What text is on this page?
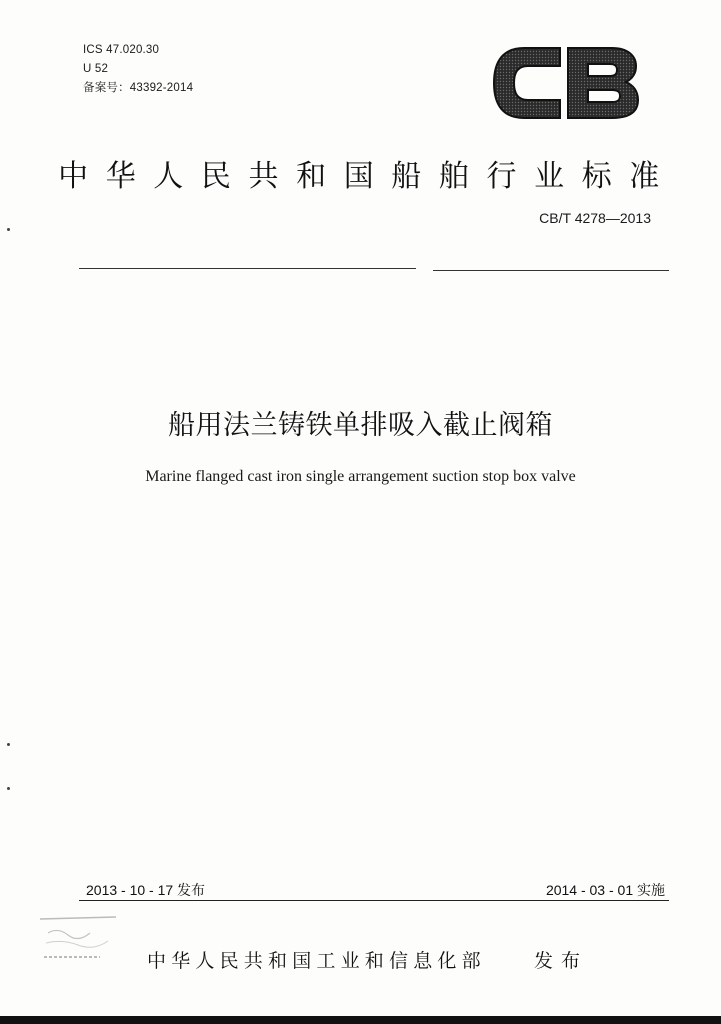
ICS 47.020.30
U 52
备案号：43392-2014
中华人民共和国船舶行业标准
CB/T 4278—2013
船用法兰铸铁单排吸入截止阀箱
Marine flanged cast iron single arrangement suction stop box valve
2013 - 10 - 17 发布	2014 - 03 - 01 实施
中华人民共和国工业和信息化部	发布
